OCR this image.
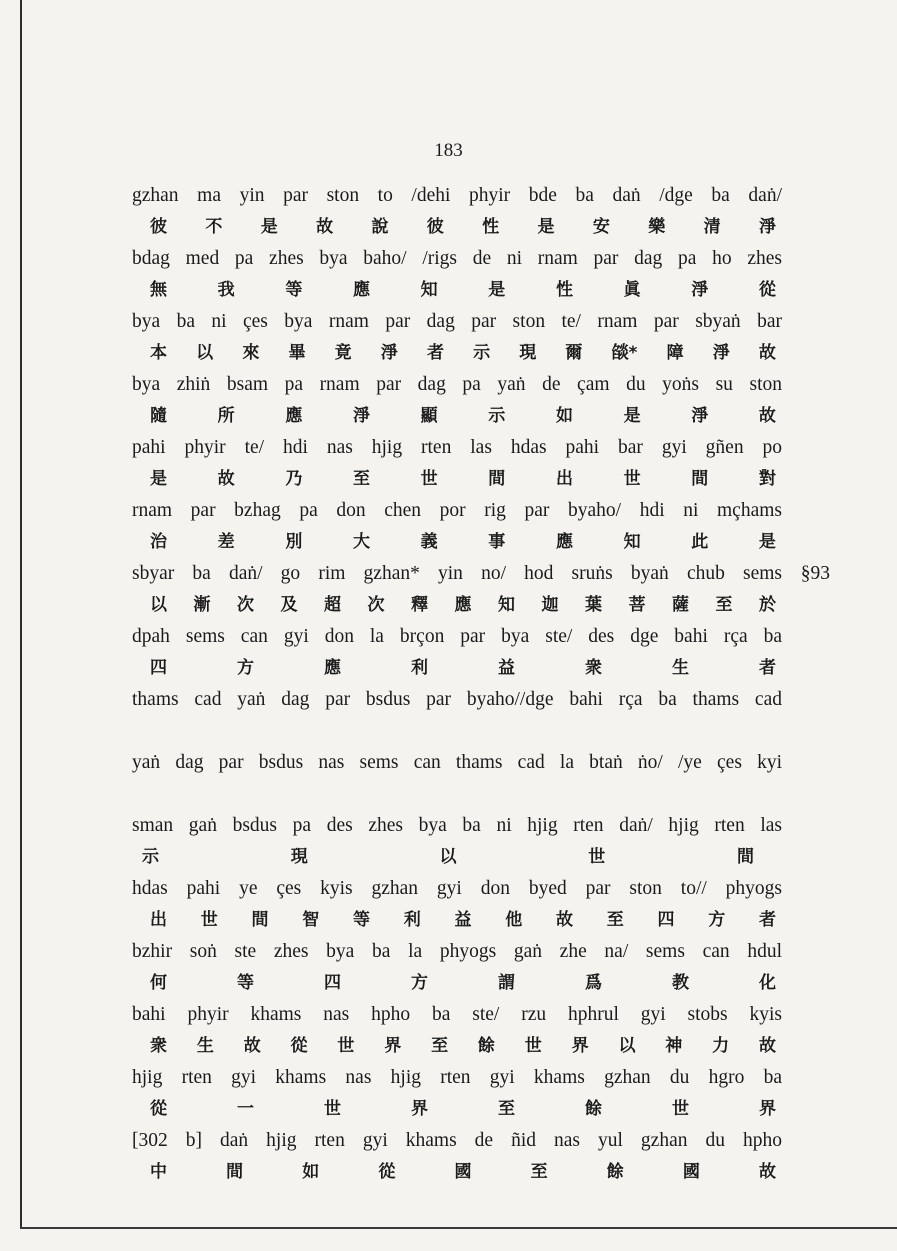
183
gzhan ma yin par ston to /dehi phyir bde ba daṅ /dge ba daṅ/
彼 不 是 故 說 彼 性 是 安 樂 清 淨
bdag med pa zhes bya baho/ /rigs de ni rnam par dag pa ho zhes
無	我	等	應	知	是	性	眞	淨	從
bya ba ni çes bya rnam par dag par ston te/ rnam par sbyaṅ bar
本 以 來 畢 竟 淨 者 示 現 爾 燄* 障 淨 故
bya zhiṅ bsam pa rnam par dag pa yaṅ de çam du yoṅs su ston
隨	所	應	淨	顯	示	如	是	淨	故
pahi phyir te/ hdi nas hjig rten las hdas pahi bar gyi gñen po
是	故	乃	至	世	間	出	世	間	對
rnam par bzhag pa don chen por rig par byaho/ hdi ni mçhams
治	差	別	大	義	事	應	知	此	是
sbyar ba daṅ/ go rim gzhan* yin no/ hod sruṅs byaṅ chub sems §93
以 漸 次 及 超 次 釋 應 知 迦 葉 菩 薩 至 於
dpah sems can gyi don la brçon par bya ste/ des dge bahi rça ba
四	方	應	利	益	衆	生	者
thams cad yaṅ dag par bsdus par byaho//dge bahi rça ba thams cad
yaṅ dag par bsdus nas sems can thams cad la btaṅ ṅo/ /ye çes kyi
sman gaṅ bsdus pa des zhes bya ba ni hjig rten daṅ/ hjig rten las
示	現	以	世	間
hdas pahi ye çes kyis gzhan gyi don byed par ston to// phyogs
出 世 間 智 等 利 益 他 故 至 四 方 者
bzhir soṅ ste zhes bya ba la phyogs gaṅ zhe na/ sems can hdul
何	等	四	方	謂	爲	教	化
bahi phyir khams nas hpho ba ste/ rzu hphrul gyi stobs kyis
衆 生 故 從 世 界 至 餘 世 界 以 神 力 故
hjig rten gyi khams nas hjig rten gyi khams gzhan du hgro ba
從	一	世	界	至	餘	世	界
[302 b] daṅ hjig rten gyi khams de ñid nas yul gzhan du hpho
中	間	如	從	國	至	餘	國	故
